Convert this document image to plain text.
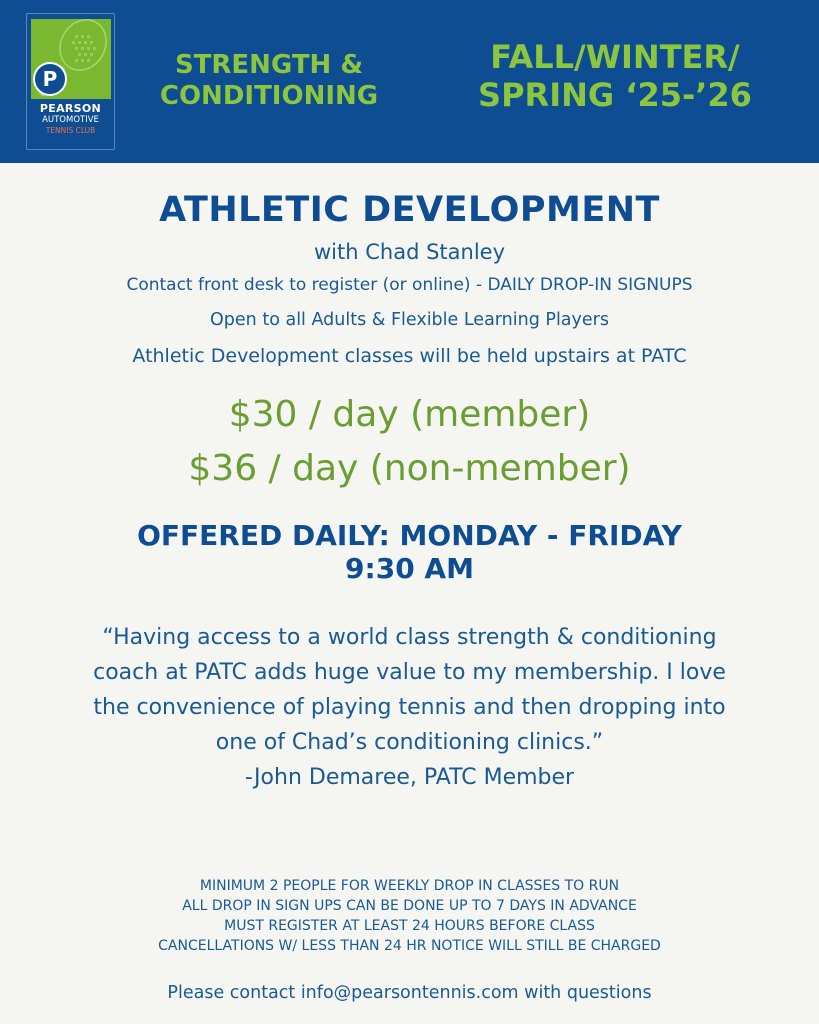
P
PEARSON
AUTOMOTIVE
TENNIS CLUB
STRENGTH &
CONDITIONING
FALL/WINTER/
SPRING ‘25-’26
ATHLETIC DEVELOPMENT
with Chad Stanley
Contact front desk to register (or online) - DAILY DROP-IN SIGNUPS
Open to all Adults & Flexible Learning Players
Athletic Development classes will be held upstairs at PATC
$30 / day (member)
$36 / day (non-member)
OFFERED DAILY: MONDAY - FRIDAY
9:30 AM
“Having access to a world class strength & conditioning
coach at PATC adds huge value to my membership. I love
the convenience of playing tennis and then dropping into
one of Chad’s conditioning clinics.”
-John Demaree, PATC Member
MINIMUM 2 PEOPLE FOR WEEKLY DROP IN CLASSES TO RUN
ALL DROP IN SIGN UPS CAN BE DONE UP TO 7 DAYS IN ADVANCE
MUST REGISTER AT LEAST 24 HOURS BEFORE CLASS
CANCELLATIONS W/ LESS THAN 24 HR NOTICE WILL STILL BE CHARGED
Please contact info@pearsontennis.com with questions
